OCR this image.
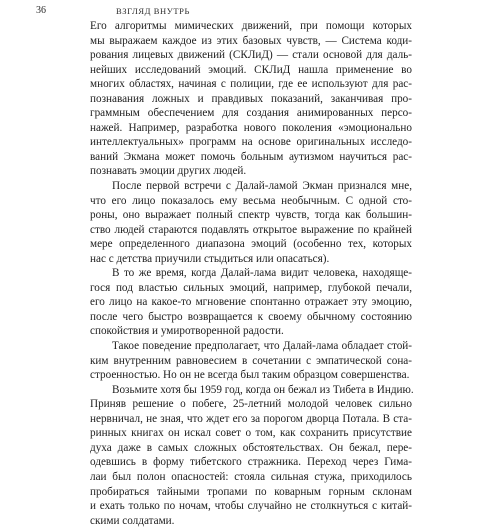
36	ВЗГЛЯД ВНУТРЬ

Его алгоритмы мимических движений, при помощи которых
мы выражаем каждое из этих базовых чувств, — Система коди-
рования лицевых движений (СКЛиД) — стали основой для даль-
нейших исследований эмоций. СКЛиД нашла применение во
многих областях, начиная с полиции, где ее используют для рас-
познавания ложных и правдивых показаний, заканчивая про-
граммным обеспечением для создания анимированных персо-
нажей. Например, разработка нового поколения «эмоционально
интеллектуальных» программ на основе оригинальных исследо-
ваний Экмана может помочь больным аутизмом научиться рас-
познавать эмоции других людей.

После первой встречи с Далай-ламой Экман признался мне,
что его лицо показалось ему весьма необычным. С одной сто-
роны, оно выражает полный спектр чувств, тогда как большин-
ство людей стараются подавлять открытое выражение по крайней
мере определенного диапазона эмоций (особенно тех, которых
нас с детства приучили стыдиться или опасаться).

В то же время, когда Далай-лама видит человека, находяще-
гося под властью сильных эмоций, например, глубокой печали,
его лицо на какое-то мгновение спонтанно отражает эту эмоцию,
после чего быстро возвращается к своему обычному состоянию
спокойствия и умиротворенной радости.

Такое поведение предполагает, что Далай-лама обладает стой-
ким внутренним равновесием в сочетании с эмпатической сона-
строенностью. Но он не всегда был таким образцом совершенства.

Возьмите хотя бы 1959 год, когда он бежал из Тибета в Индию.
Приняв решение о побеге, 25-летний молодой человек сильно
нервничал, не зная, что ждет его за порогом дворца Потала. В ста-
ринных книгах он искал совет о том, как сохранить присутствие
духа даже в самых сложных обстоятельствах. Он бежал, пере-
одевшись в форму тибетского стражника. Переход через Гима-
лаи был полон опасностей: стояла сильная стужа, приходилось
пробираться тайными тропами по коварным горным склонам
и ехать только по ночам, чтобы случайно не столкнуться с китай-
скими солдатами.
